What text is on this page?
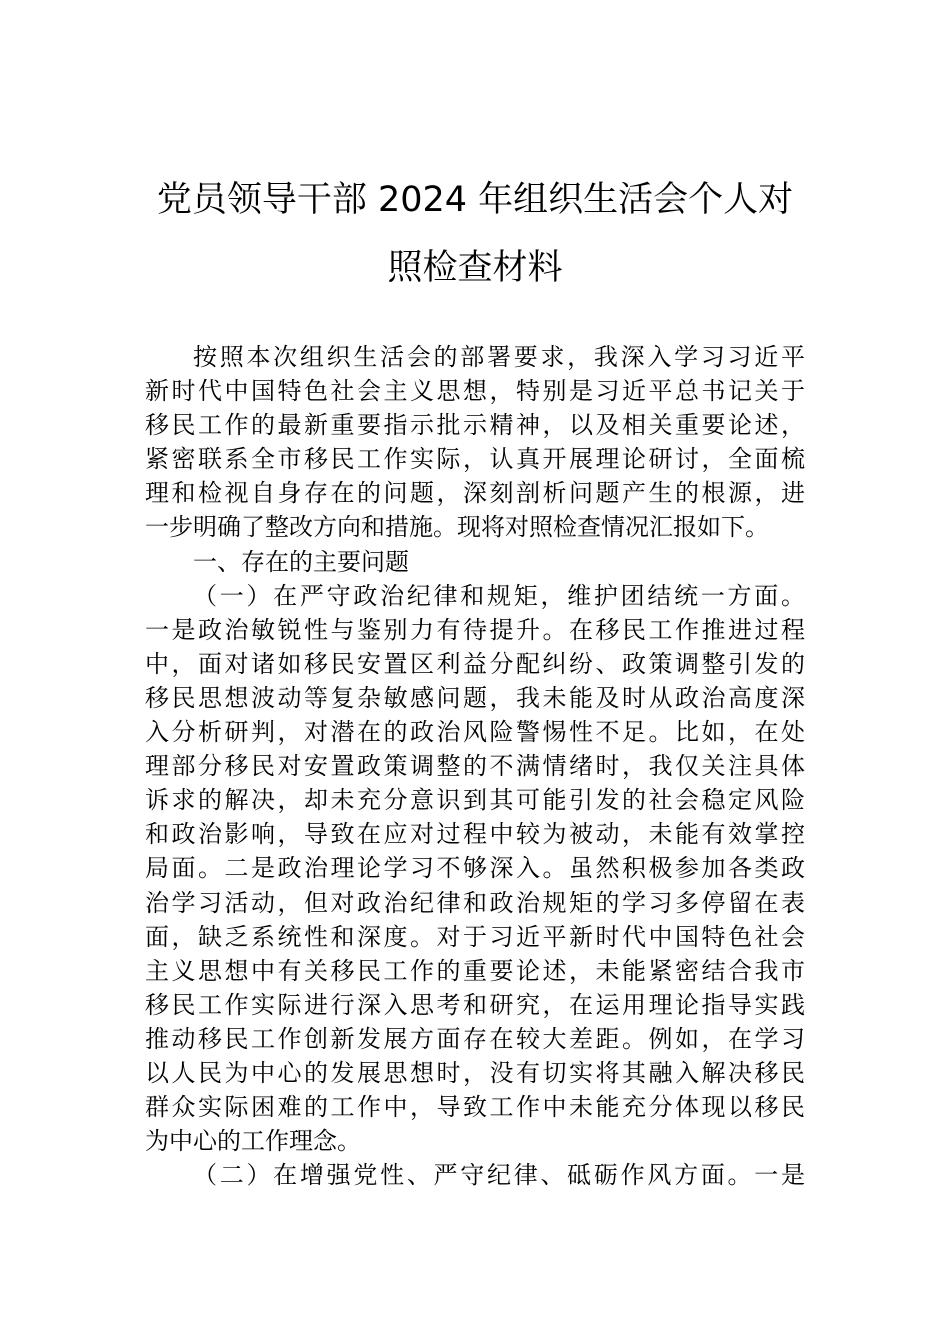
党员领导干部 2024 年组织生活会个人对
照检查材料
按照本次组织生活会的部署要求，我深入学习习近平
新时代中国特色社会主义思想，特别是习近平总书记关于
移民工作的最新重要指示批示精神，以及相关重要论述，
紧密联系全市移民工作实际，认真开展理论研讨，全面梳
理和检视自身存在的问题，深刻剖析问题产生的根源，进
一步明确了整改方向和措施。现将对照检查情况汇报如下。
一、存在的主要问题
（一）在严守政治纪律和规矩，维护团结统一方面。
一是政治敏锐性与鉴别力有待提升。在移民工作推进过程
中，面对诸如移民安置区利益分配纠纷、政策调整引发的
移民思想波动等复杂敏感问题，我未能及时从政治高度深
入分析研判，对潜在的政治风险警惕性不足。比如，在处
理部分移民对安置政策调整的不满情绪时，我仅关注具体
诉求的解决，却未充分意识到其可能引发的社会稳定风险
和政治影响，导致在应对过程中较为被动，未能有效掌控
局面。二是政治理论学习不够深入。虽然积极参加各类政
治学习活动，但对政治纪律和政治规矩的学习多停留在表
面，缺乏系统性和深度。对于习近平新时代中国特色社会
主义思想中有关移民工作的重要论述，未能紧密结合我市
移民工作实际进行深入思考和研究，在运用理论指导实践
推动移民工作创新发展方面存在较大差距。例如，在学习
以人民为中心的发展思想时，没有切实将其融入解决移民
群众实际困难的工作中，导致工作中未能充分体现以移民
为中心的工作理念。
（二）在增强党性、严守纪律、砥砺作风方面。一是
